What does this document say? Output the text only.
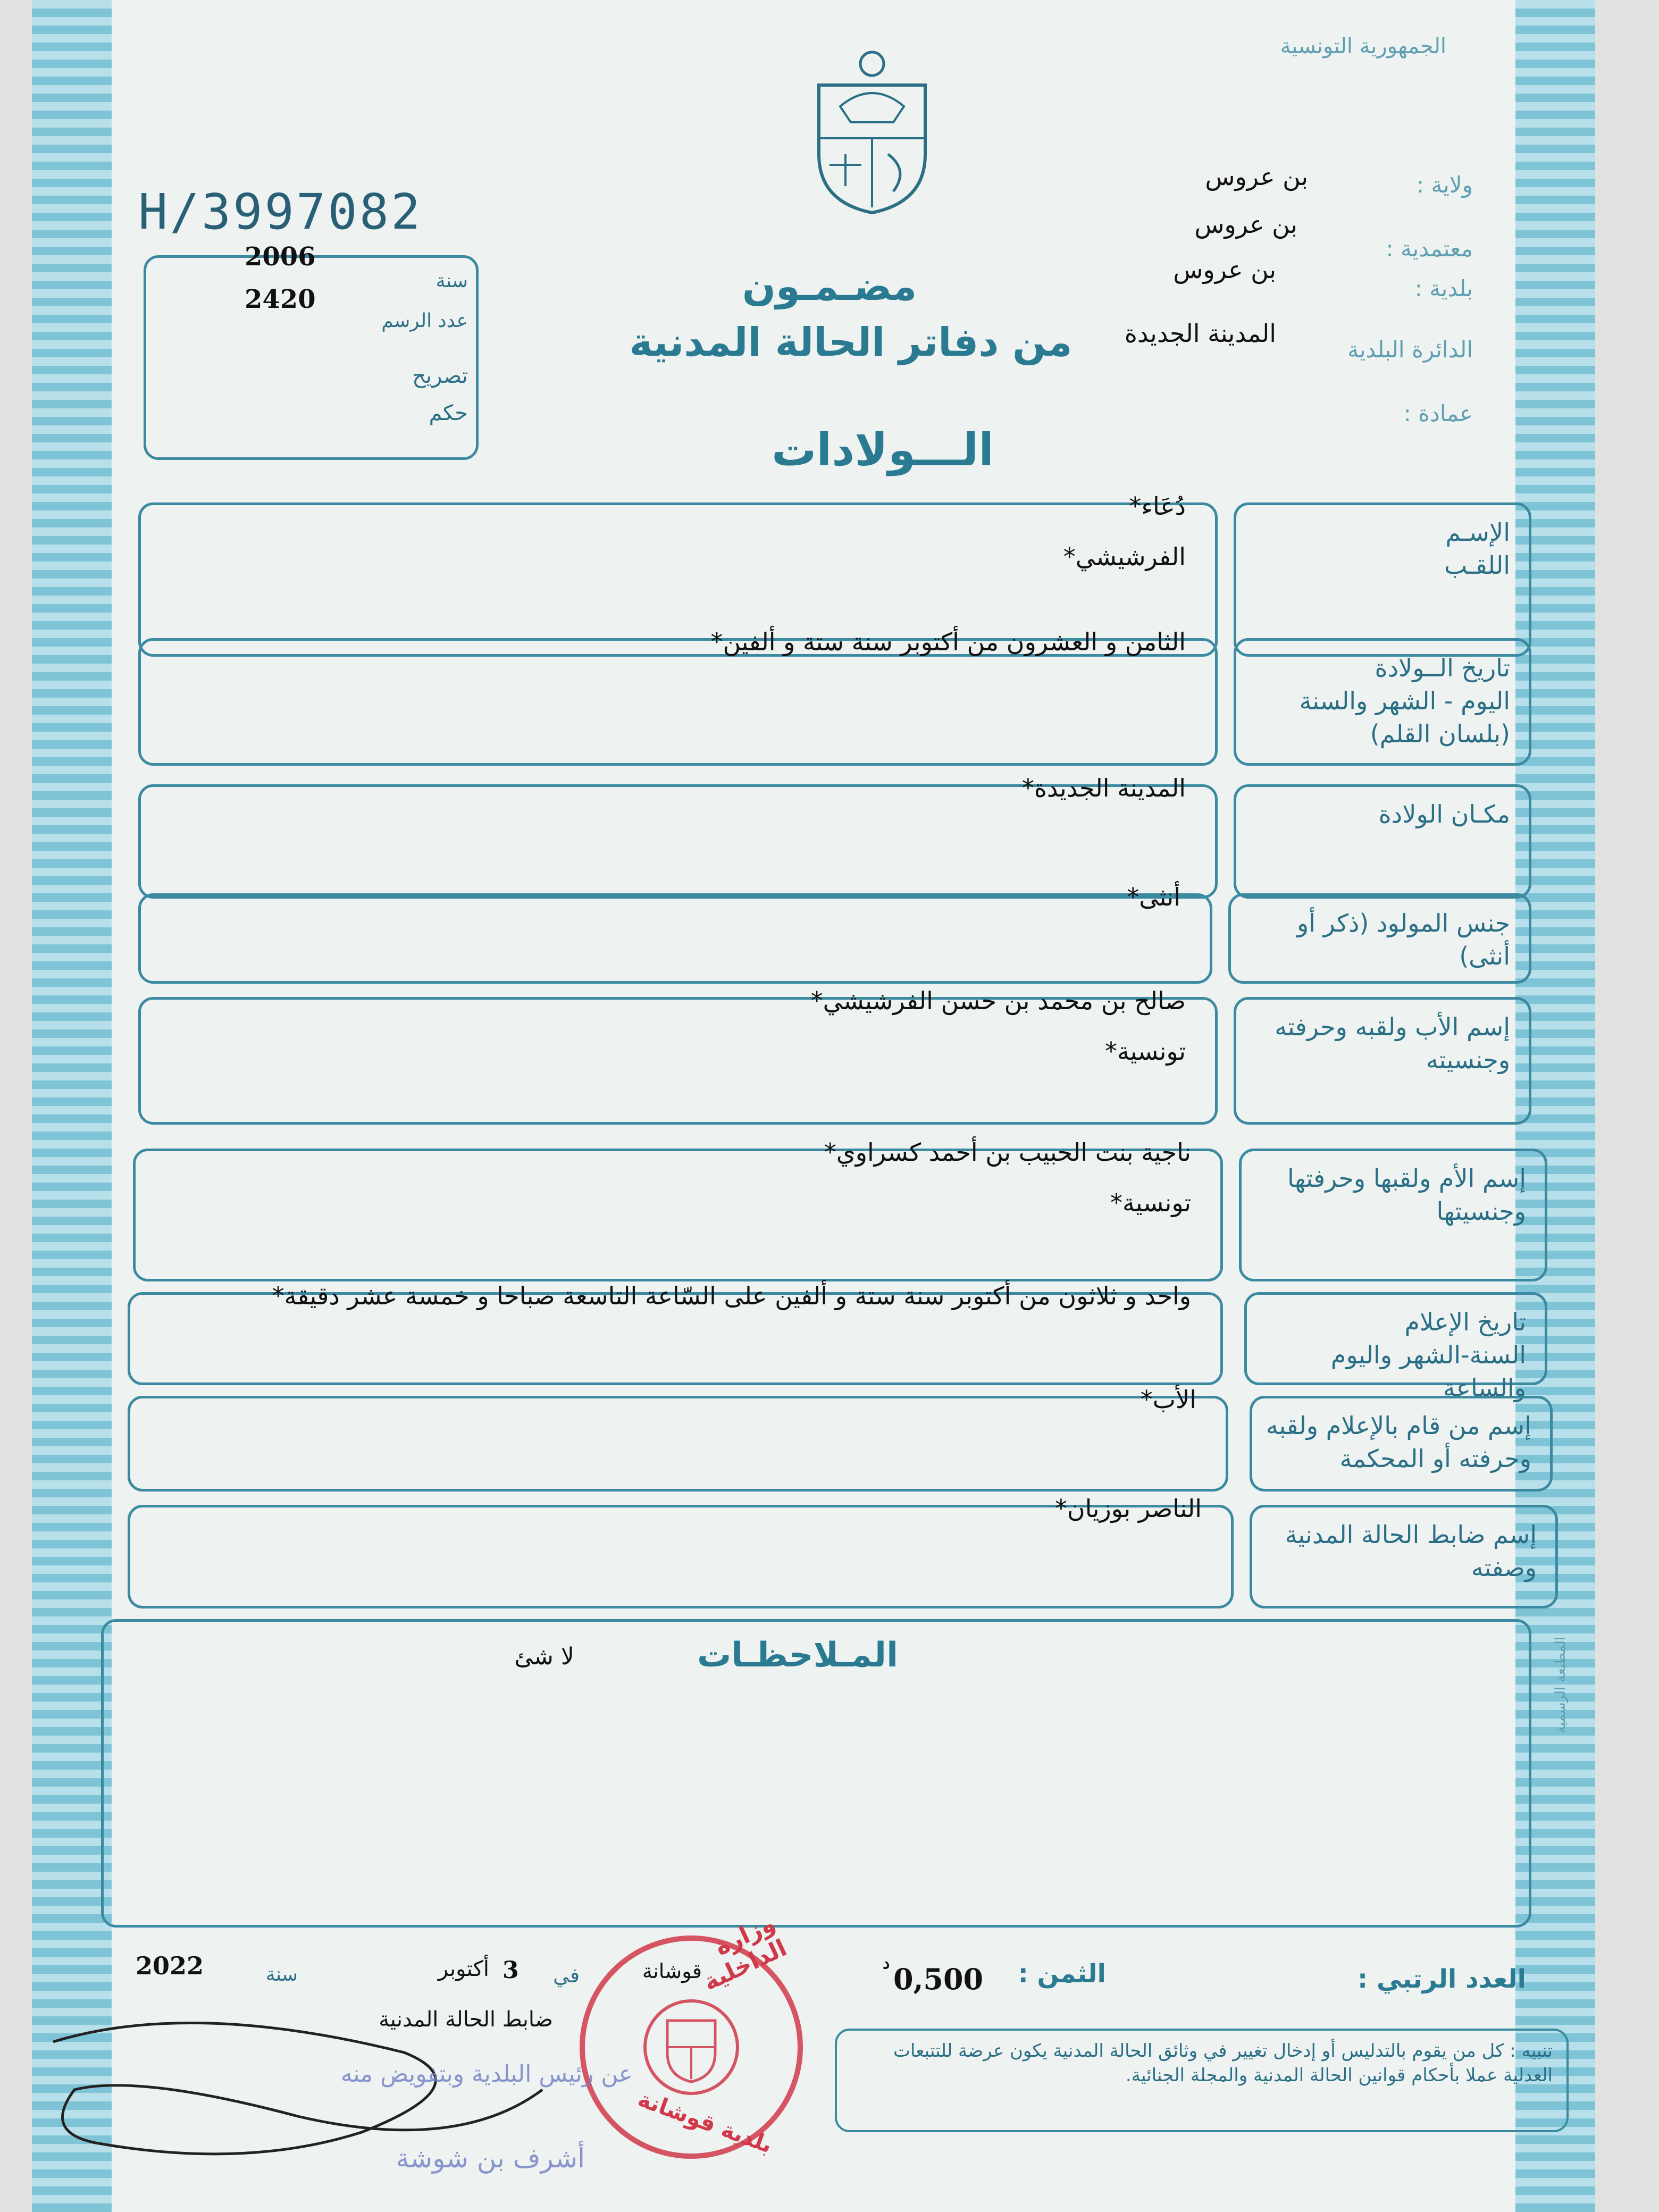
الجمهورية التونسية
H/3997082
2006
سنة
2420
عدد الرسم
تصريح
حكم
ولاية :
بن عروس
معتمدية :
بن عروس
بلدية :
بن عروس
الدائرة البلدية
المدينة الجديدة
عمادة :
مضـمـون
من دفاتر الحالة المدنية
الـــولادات
الإسـم
اللقـب
دُعَاء*
الفرشيشي*
تاريخ الــولادة
اليوم - الشهر والسنة
(بلسان القلم)
الثامن و العشرون من أكتوبر سنة ستة و ألفين*
مكـان الولادة
المدينة الجديدة*
جنس المولود (ذكر أو أنثى)
أنثى*
إسم الأب ولقبه وحرفته
وجنسيته
صالح بن محمد بن حسن الفرشيشي*
تونسية*
إسم الأم ولقبها وحرفتها
وجنسيتها
ناجية بنت الحبيب بن أحمد كسراوي*
تونسية*
تاريخ الإعلام
السنة-الشهر واليوم والساعة
واحد و ثلاثون من أكتوبر سنة ستة و ألفين على السّاعة التاسعة صباحا و خمسة عشر دقيقة*
إسم من قام بالإعلام ولقبه
وحرفته أو المحكمة
الأب*
إسم ضابط الحالة المدنية
وصفته
الناصر بوزيان*
المـلاحظـات
لا شئ	المطبعة الرسمية
العدد الرتبي :
الثمن :
0,500
د
قوشانة
في
3
أكتوبر
سنة
2022
ضابط الحالة المدنية
وزارة الداخلية
بلدية قوشانة
عن رئيس البلدية وبتفويض منه
أشرف بن شوشة
تنبيه : كل من يقوم بالتدليس أو إدخال تغيير في وثائق الحالة المدنية يكون عرضة للتتبعات العدلية عملا بأحكام قوانين الحالة المدنية والمجلة الجنائية.
